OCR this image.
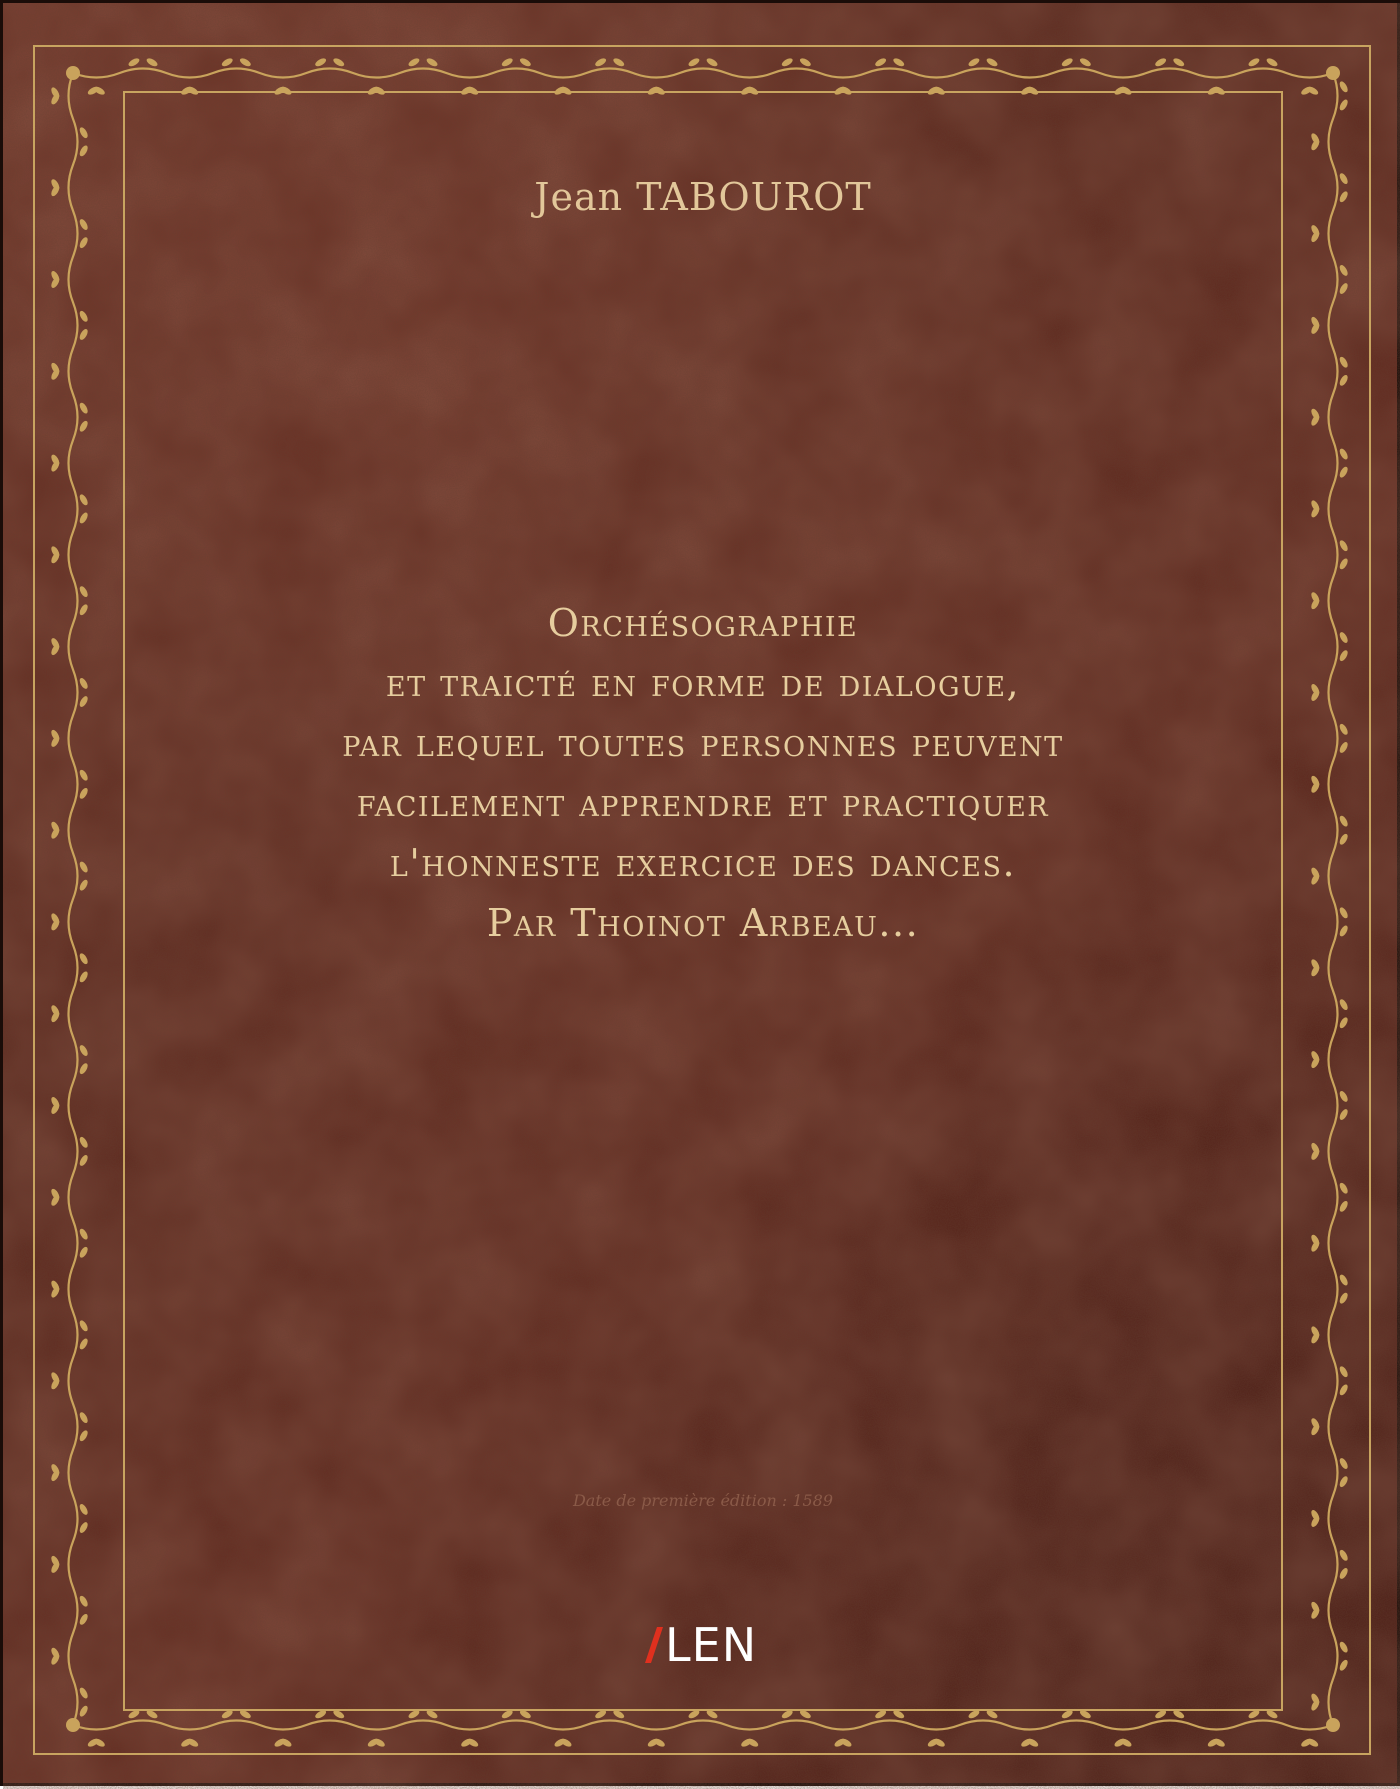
Jean TABOUROT
Orchésographie
et traicté en forme de dialogue,
par lequel toutes personnes peuvent
facilement apprendre et practiquer
l'honneste exercice des dances.
Par Thoinot Arbeau...
Date de première édition : 1589
LEN
